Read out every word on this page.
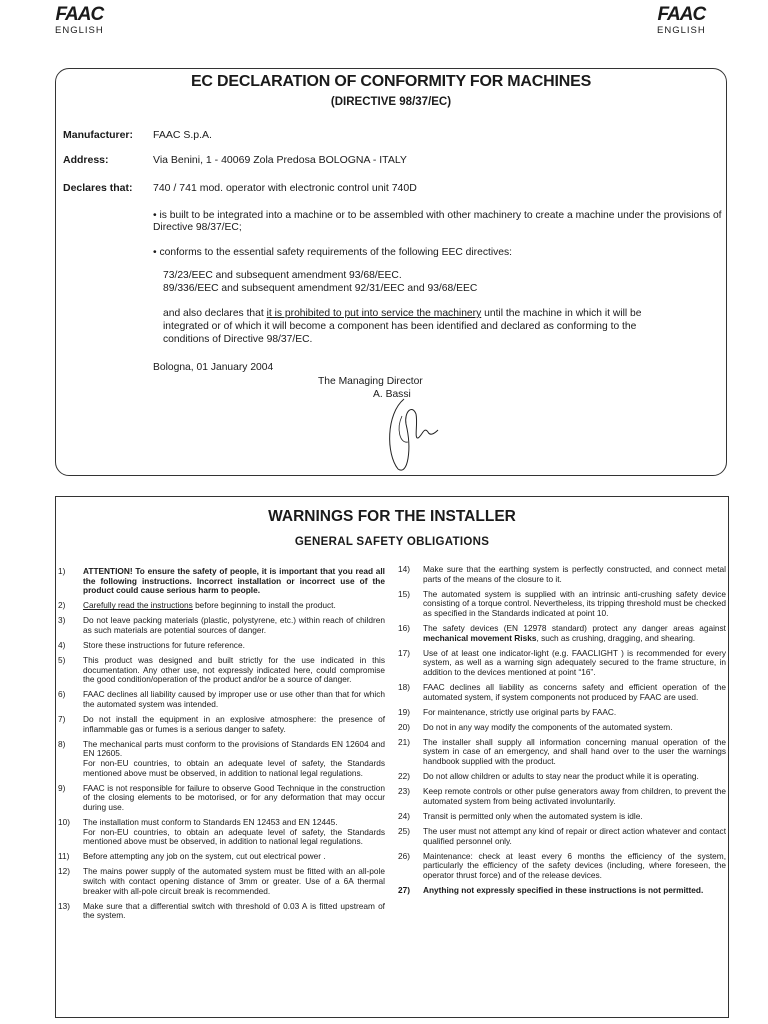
FAAC
ENGLISH
FAAC
ENGLISH
EC DECLARATION OF CONFORMITY FOR MACHINES
(DIRECTIVE 98/37/EC)
Manufacturer: FAAC S.p.A.
Address:	Via Benini, 1 - 40069 Zola Predosa BOLOGNA - ITALY
Declares that: 740 / 741 mod. operator with electronic control unit 740D
• is built to be integrated into a machine or to be assembled with other machinery to create a machine under the provisions of Directive 98/37/EC;
• conforms to the essential safety requirements of the following EEC directives:
73/23/EEC and subsequent amendment 93/68/EEC.
89/336/EEC and subsequent amendment 92/31/EEC and 93/68/EEC
and also declares that it is prohibited to put into service the machinery until the machine in which it will be
integrated or of which it will become a component has been identified and declared as conforming to the
conditions of Directive 98/37/EC.
Bologna, 01 January 2004
The Managing Director
A. Bassi
WARNINGS FOR THE INSTALLER
GENERAL SAFETY OBLIGATIONS
1)	ATTENTION! To ensure the safety of people, it is important that you read all the following instructions. Incorrect installation or incorrect use of the product could cause serious harm to people.
2)	Carefully read the instructions before beginning to install the product.
3)	Do not leave packing materials (plastic, polystyrene, etc.) within reach of children as such materials are potential sources of danger.
4)	Store these instructions for future reference.
5)	This product was designed and built strictly for the use indicated in this documentation. Any other use, not expressly indicated here, could compromise the good condition/operation of the product and/or be a source of danger.
6)	FAAC declines all liability caused by improper use or use other than that for which the automated system was intended.
7)	Do not install the equipment in an explosive atmosphere: the presence of inflammable gas or fumes is a serious danger to safety.
8)	The mechanical parts must conform to the provisions of Standards EN 12604 and EN 12605.
For non-EU countries, to obtain an adequate level of safety, the Standards mentioned above must be observed, in addition to national legal regulations.
9)	FAAC is not responsible for failure to observe Good Technique in the construction of the closing elements to be motorised, or for any deformation that may occur during use.
10)	The installation must conform to Standards EN 12453 and EN 12445.
For non-EU countries, to obtain an adequate level of safety, the Standards mentioned above must be observed, in addition to national legal regulations.
11)	Before attempting any job on the system, cut out electrical power .
12)	The mains power supply of the automated system must be fitted with an all-pole switch with contact opening distance of 3mm or greater. Use of a 6A thermal breaker with all-pole circuit break is recommended.
13)	Make sure that a differential switch with threshold of 0.03 A is fitted upstream of the system.
14)	Make sure that the earthing system is perfectly constructed, and connect metal parts of the means of the closure to it.
15)	The automated system is supplied with an intrinsic anti-crushing safety device consisting of a torque control. Nevertheless, its tripping threshold must be checked as specified in the Standards indicated at point 10.
16)	The safety devices (EN 12978 standard) protect any danger areas against mechanical movement Risks, such as crushing, dragging, and shearing.
17)	Use of at least one indicator-light (e.g. FAACLIGHT ) is recommended for every system, as well as a warning sign adequately secured to the frame structure, in addition to the devices mentioned at point “16”.
18)	FAAC declines all liability as concerns safety and efficient operation of the automated system, if system components not produced by FAAC are used.
19)	For maintenance, strictly use original parts by FAAC.
20)	Do not in any way modify the components of the automated system.
21)	The installer shall supply all information concerning manual operation of the system in case of an emergency, and shall hand over to the user the warnings handbook supplied with the product.
22)	Do not allow children or adults to stay near the product while it is operating.
23)	Keep remote controls or other pulse generators away from children, to prevent the automated system from being activated involuntarily.
24)	Transit is permitted only when the automated system is idle.
25)	The user must not attempt any kind of repair or direct action whatever and contact qualified personnel only.
26)	Maintenance: check at least every 6 months the efficiency of the system, particularly the efficiency of the safety devices (including, where foreseen, the operator thrust force) and of the release devices.
27)	Anything not expressly specified in these instructions is not permitted.
